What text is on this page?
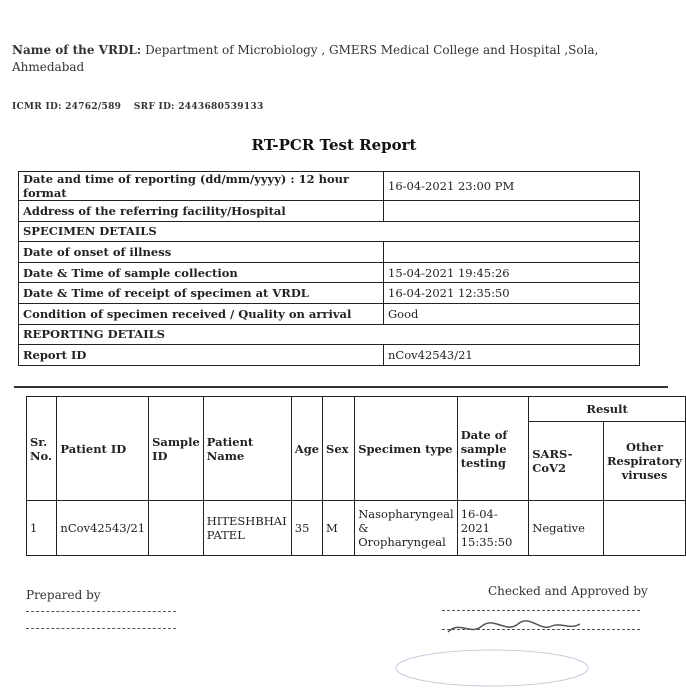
Name of the VRDL: Department of Microbiology , GMERS Medical College and Hospital ,Sola, Ahmedabad
ICMR ID: 24762/589 SRF ID: 2443680539133
RT-PCR Test Report
Date and time of reporting (dd/mm/yyyy) : 12 hour format	16-04-2021 23:00 PM
Address of the referring facility/Hospital	
SPECIMEN DETAILS	
Date of onset of illness	
Date & Time of sample collection	15-04-2021 19:45:26
Date & Time of receipt of specimen at VRDL	16-04-2021 12:35:50
Condition of specimen received / Quality on arrival	Good
REPORTING DETAILS	
Report ID	nCov42543/21
Sr. No.	Patient ID	Sample ID	Patient Name	Age	Sex	Specimen type	Date of sample testing	Result	
								SARS-CoV2	Other Respiratory viruses
1	nCov42543/21		HITESHBHAI PATEL	35	M	Nasopharyngeal & Oropharyngeal	16-04-2021 15:35:50	Negative	
Prepared by	Checked and Approved by
